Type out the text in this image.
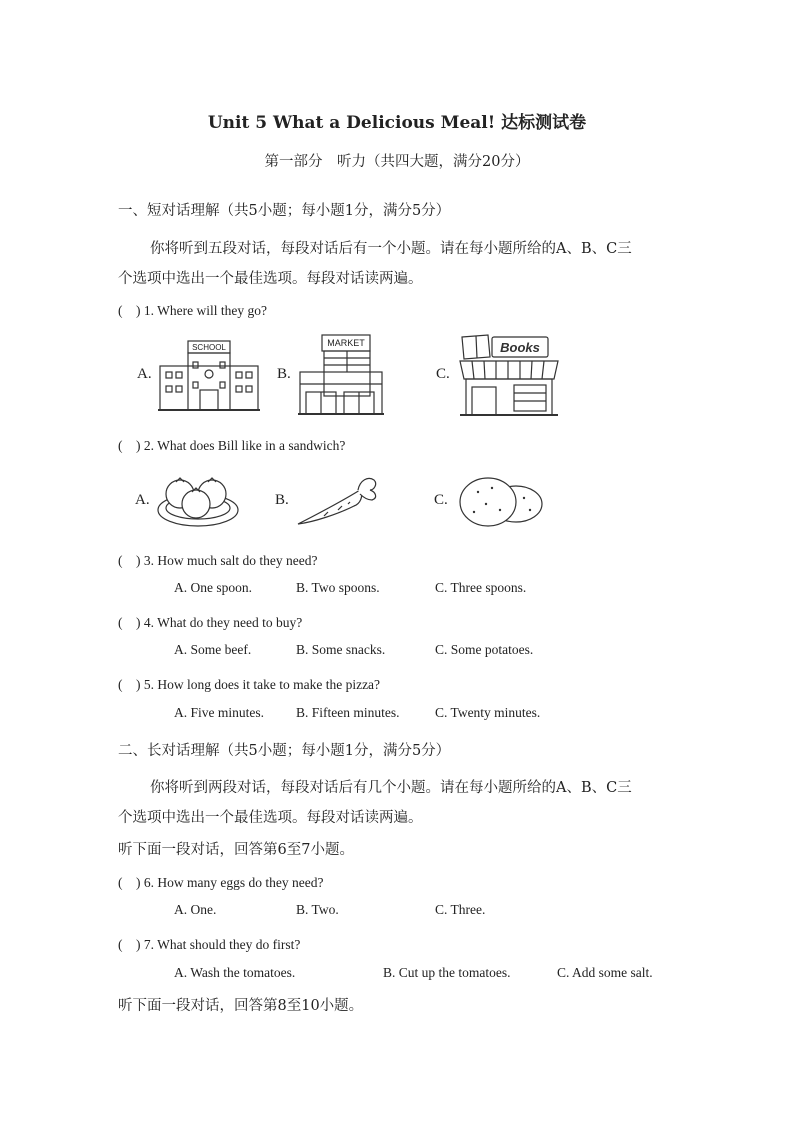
Unit 5 What a Delicious Meal! 达标测试卷
第一部分　听力（共四大题，满分20分）
一、短对话理解（共5小题；每小题1分，满分5分）
你将听到五段对话，每段对话后有一个小题。请在每小题所给的A、B、C三
个选项中选出一个最佳选项。每段对话读两遍。
(　) 1. Where will they go?
A.	B.	C.
SCHOOL	MARKET	Books
(　) 2. What does Bill like in a sandwich?
A.	B.	C.
(　) 3. How much salt do they need?
A. One spoon.	B. Two spoons.	C. Three spoons.
(　) 4. What do they need to buy?
A. Some beef.	B. Some snacks.	C. Some potatoes.
(　) 5. How long does it take to make the pizza?
A. Five minutes. B. Fifteen minutes.	C. Twenty minutes.
二、长对话理解（共5小题；每小题1分，满分5分）
你将听到两段对话，每段对话后有几个小题。请在每小题所给的A、B、C三
个选项中选出一个最佳选项。每段对话读两遍。
听下面一段对话，回答第6至7小题。
(　) 6. How many eggs do they need?
A. One.	B. Two.	C. Three.
(　) 7. What should they do first?
A. Wash the tomatoes.	B. Cut up the tomatoes.	C. Add some salt.
听下面一段对话，回答第8至10小题。
